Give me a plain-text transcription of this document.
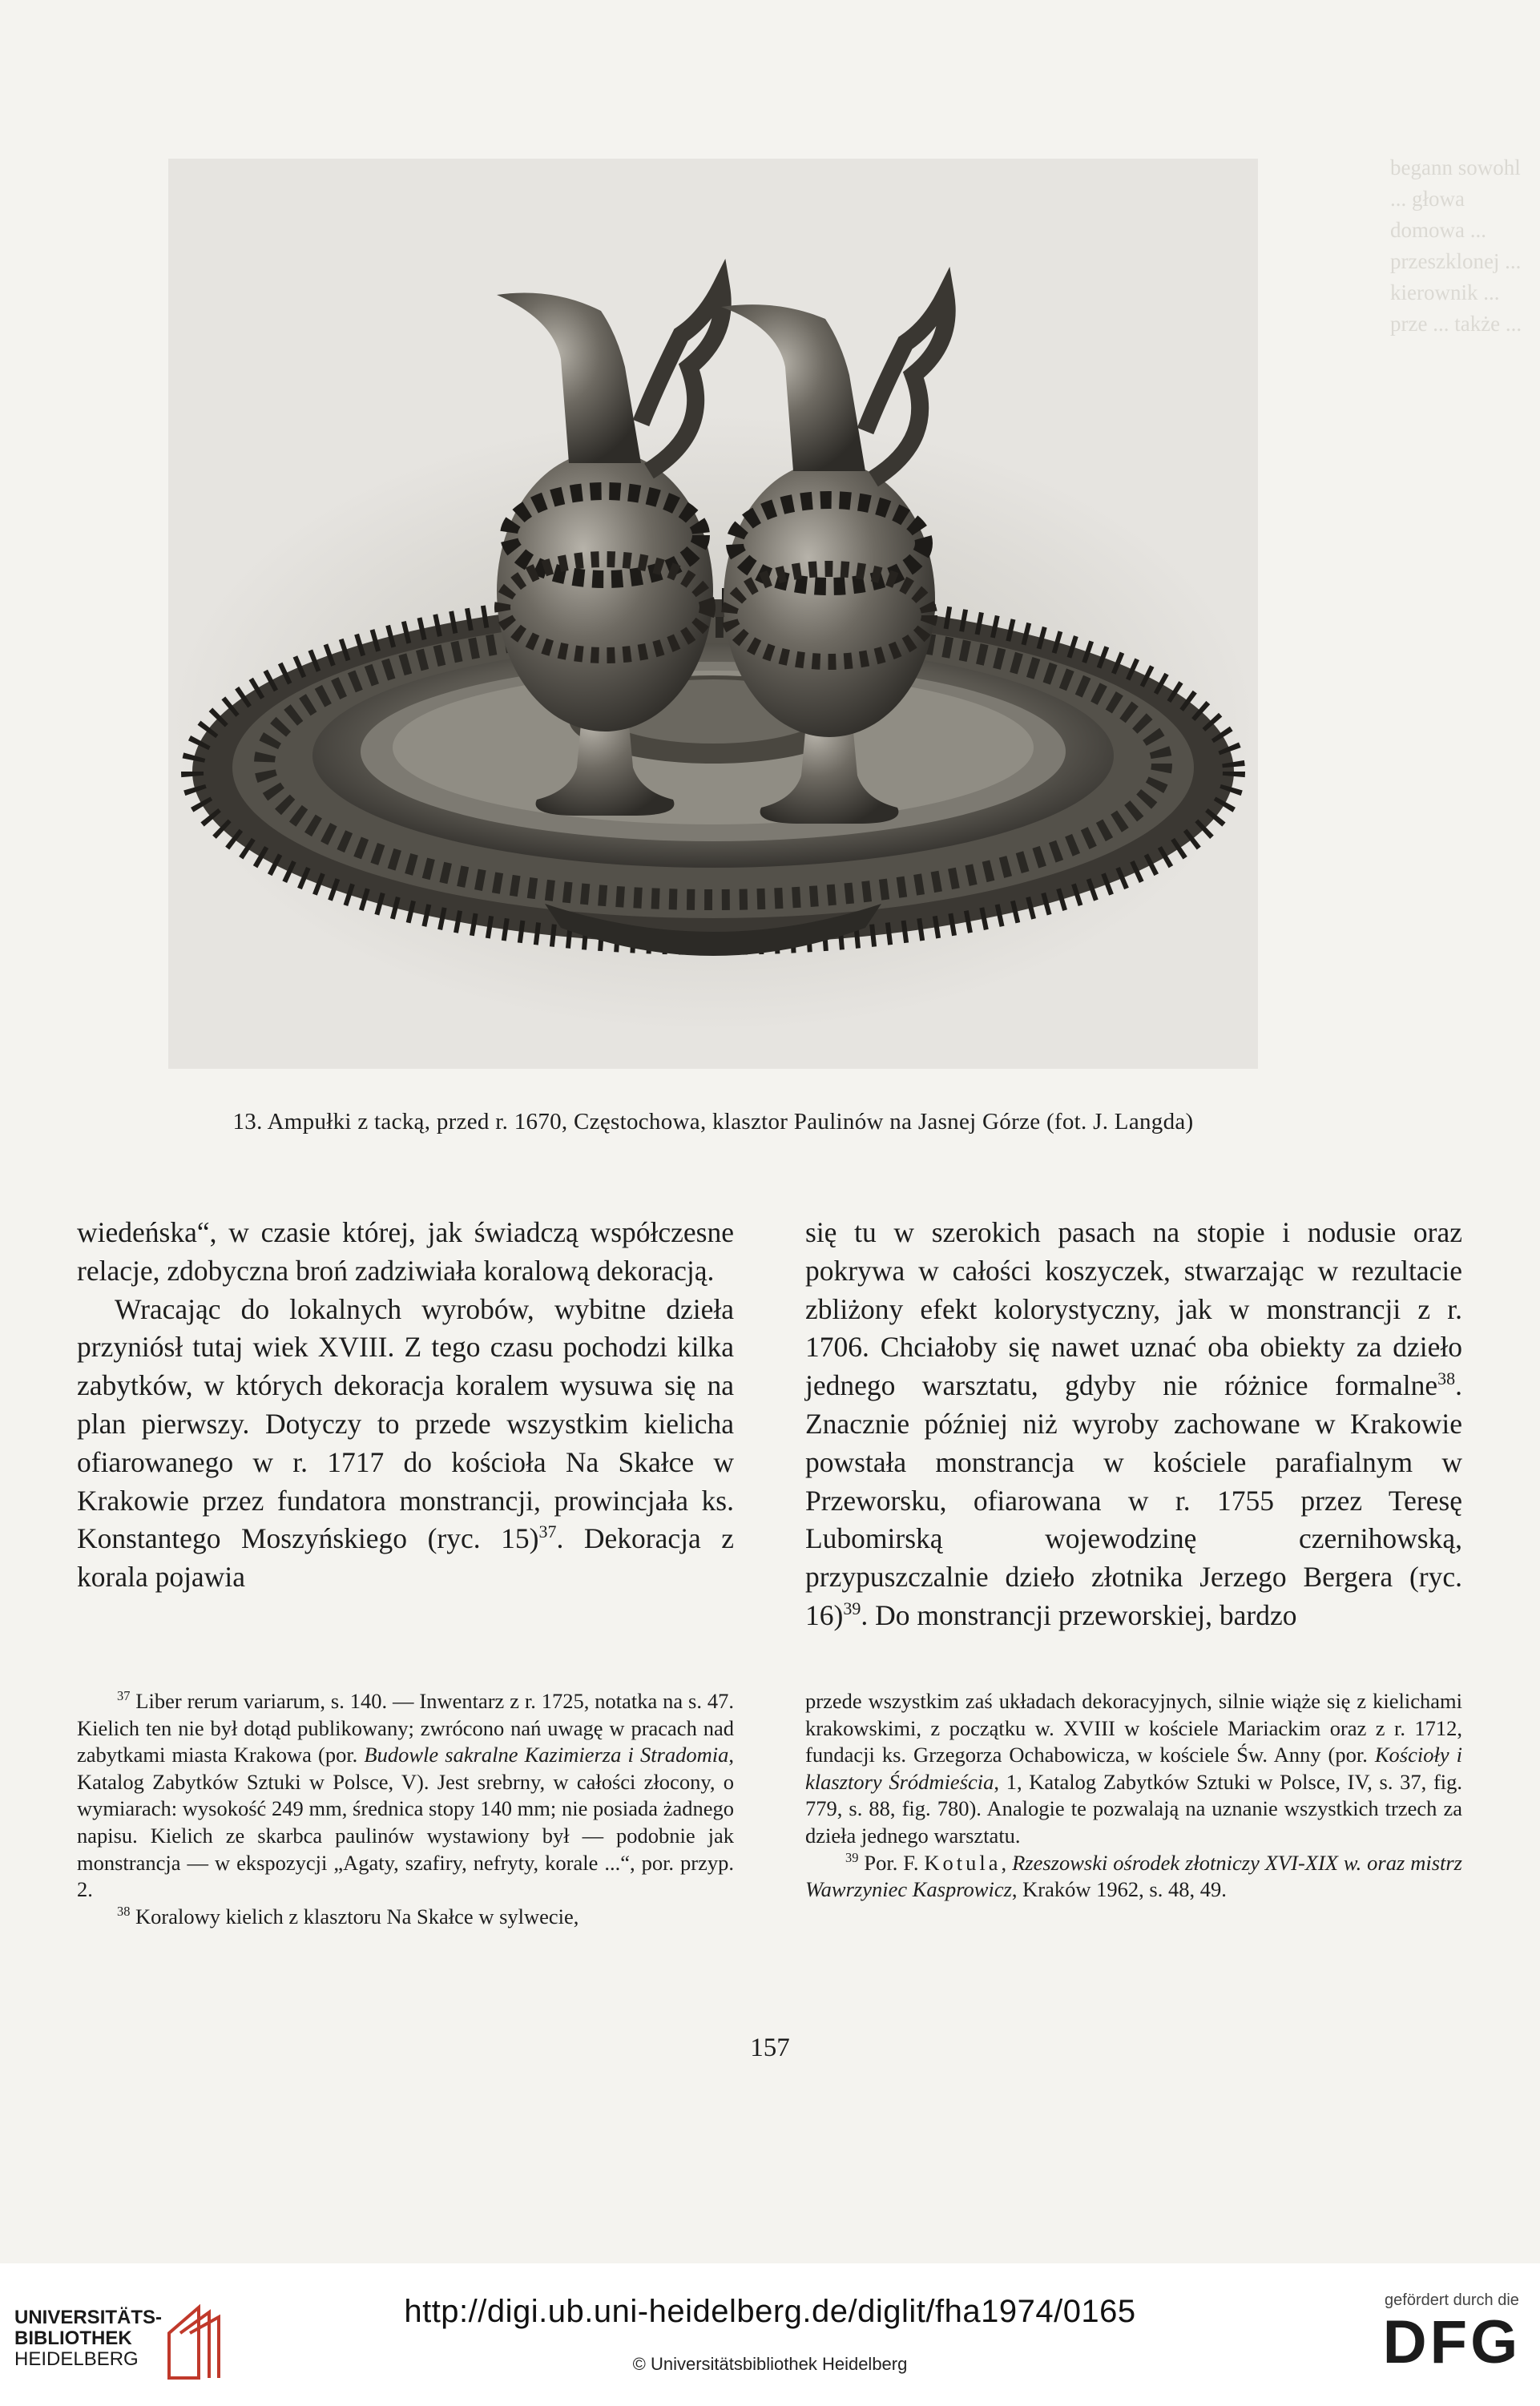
begann sowohl ... głowa domowa ... przeszklonej ... kierownik ... prze ... także ...
13. Ampułki z tacką, przed r. 1670, Częstochowa, klasztor Paulinów na Jasnej Górze (fot. J. Langda)

wiedeńska“, w czasie której, jak świadczą współczesne relacje, zdobyczna broń zadziwiała koralową dekoracją.

Wracając do lokalnych wyrobów, wybitne dzieła przyniósł tutaj wiek XVIII. Z tego czasu pochodzi kilka zabytków, w których dekoracja koralem wysuwa się na plan pierwszy. Dotyczy to przede wszystkim kielicha ofiarowanego w r. 1717 do kościoła Na Skałce w Krakowie przez fundatora monstrancji, prowincjała ks. Konstantego Moszyńskiego (ryc. 15)$^{37}$. Dekoracja z korala pojawia

się tu w szerokich pasach na stopie i nodusie oraz pokrywa w całości koszyczek, stwarzając w rezultacie zbliżony efekt kolorystyczny, jak w monstrancji z r. 1706. Chciałoby się nawet uznać oba obiekty za dzieło jednego warsztatu, gdyby nie różnice formalne$^{38}$. Znacznie później niż wyroby zachowane w Krakowie powstała monstrancja w kościele parafialnym w Przeworsku, ofiarowana w r. 1755 przez Teresę Lubomirską wojewodzinę czernihowską, przypuszczalnie dzieło złotnika Jerzego Bergera (ryc. 16)$^{39}$. Do monstrancji przeworskiej, bardzo

$^{37}$ Liber rerum variarum, s. 140. — Inwentarz z r. 1725, notatka na s. 47. Kielich ten nie był dotąd publikowany; zwrócono nań uwagę w pracach nad zabytkami miasta Krakowa (por. Budowle sakralne Kazimierza i Stradomia, Katalog Zabytków Sztuki w Polsce, V). Jest srebrny, w całości złocony, o wymiarach: wysokość 249 mm, średnica stopy 140 mm; nie posiada żadnego napisu. Kielich ze skarbca paulinów wystawiony był — podobnie jak monstrancja — w ekspozycji „Agaty, szafiry, nefryty, korale ...“, por. przyp. 2.

$^{38}$ Koralowy kielich z klasztoru Na Skałce w sylwecie,

przede wszystkim zaś układach dekoracyjnych, silnie wiąże się z kielichami krakowskimi, z początku w. XVIII w kościele Mariackim oraz z r. 1712, fundacji ks. Grzegorza Ochabowicza, w kościele Św. Anny (por. Kościoły i klasztory Śródmieścia, 1, Katalog Zabytków Sztuki w Polsce, IV, s. 37, fig. 779, s. 88, fig. 780). Analogie te pozwalają na uznanie wszystkich trzech za dzieła jednego warsztatu.

$^{39}$ Por. F. Kotula, Rzeszowski ośrodek złotniczy XVI-XIX w. oraz mistrz Wawrzyniec Kasprowicz, Kraków 1962, s. 48, 49.

157
UNIVERSITÄTS-
BIBLIOTHEK
HEIDELBERG
http://digi.ub.uni-heidelberg.de/diglit/fha1974/0165
© Universitätsbibliothek Heidelberg
gefördert durch die
DFG
